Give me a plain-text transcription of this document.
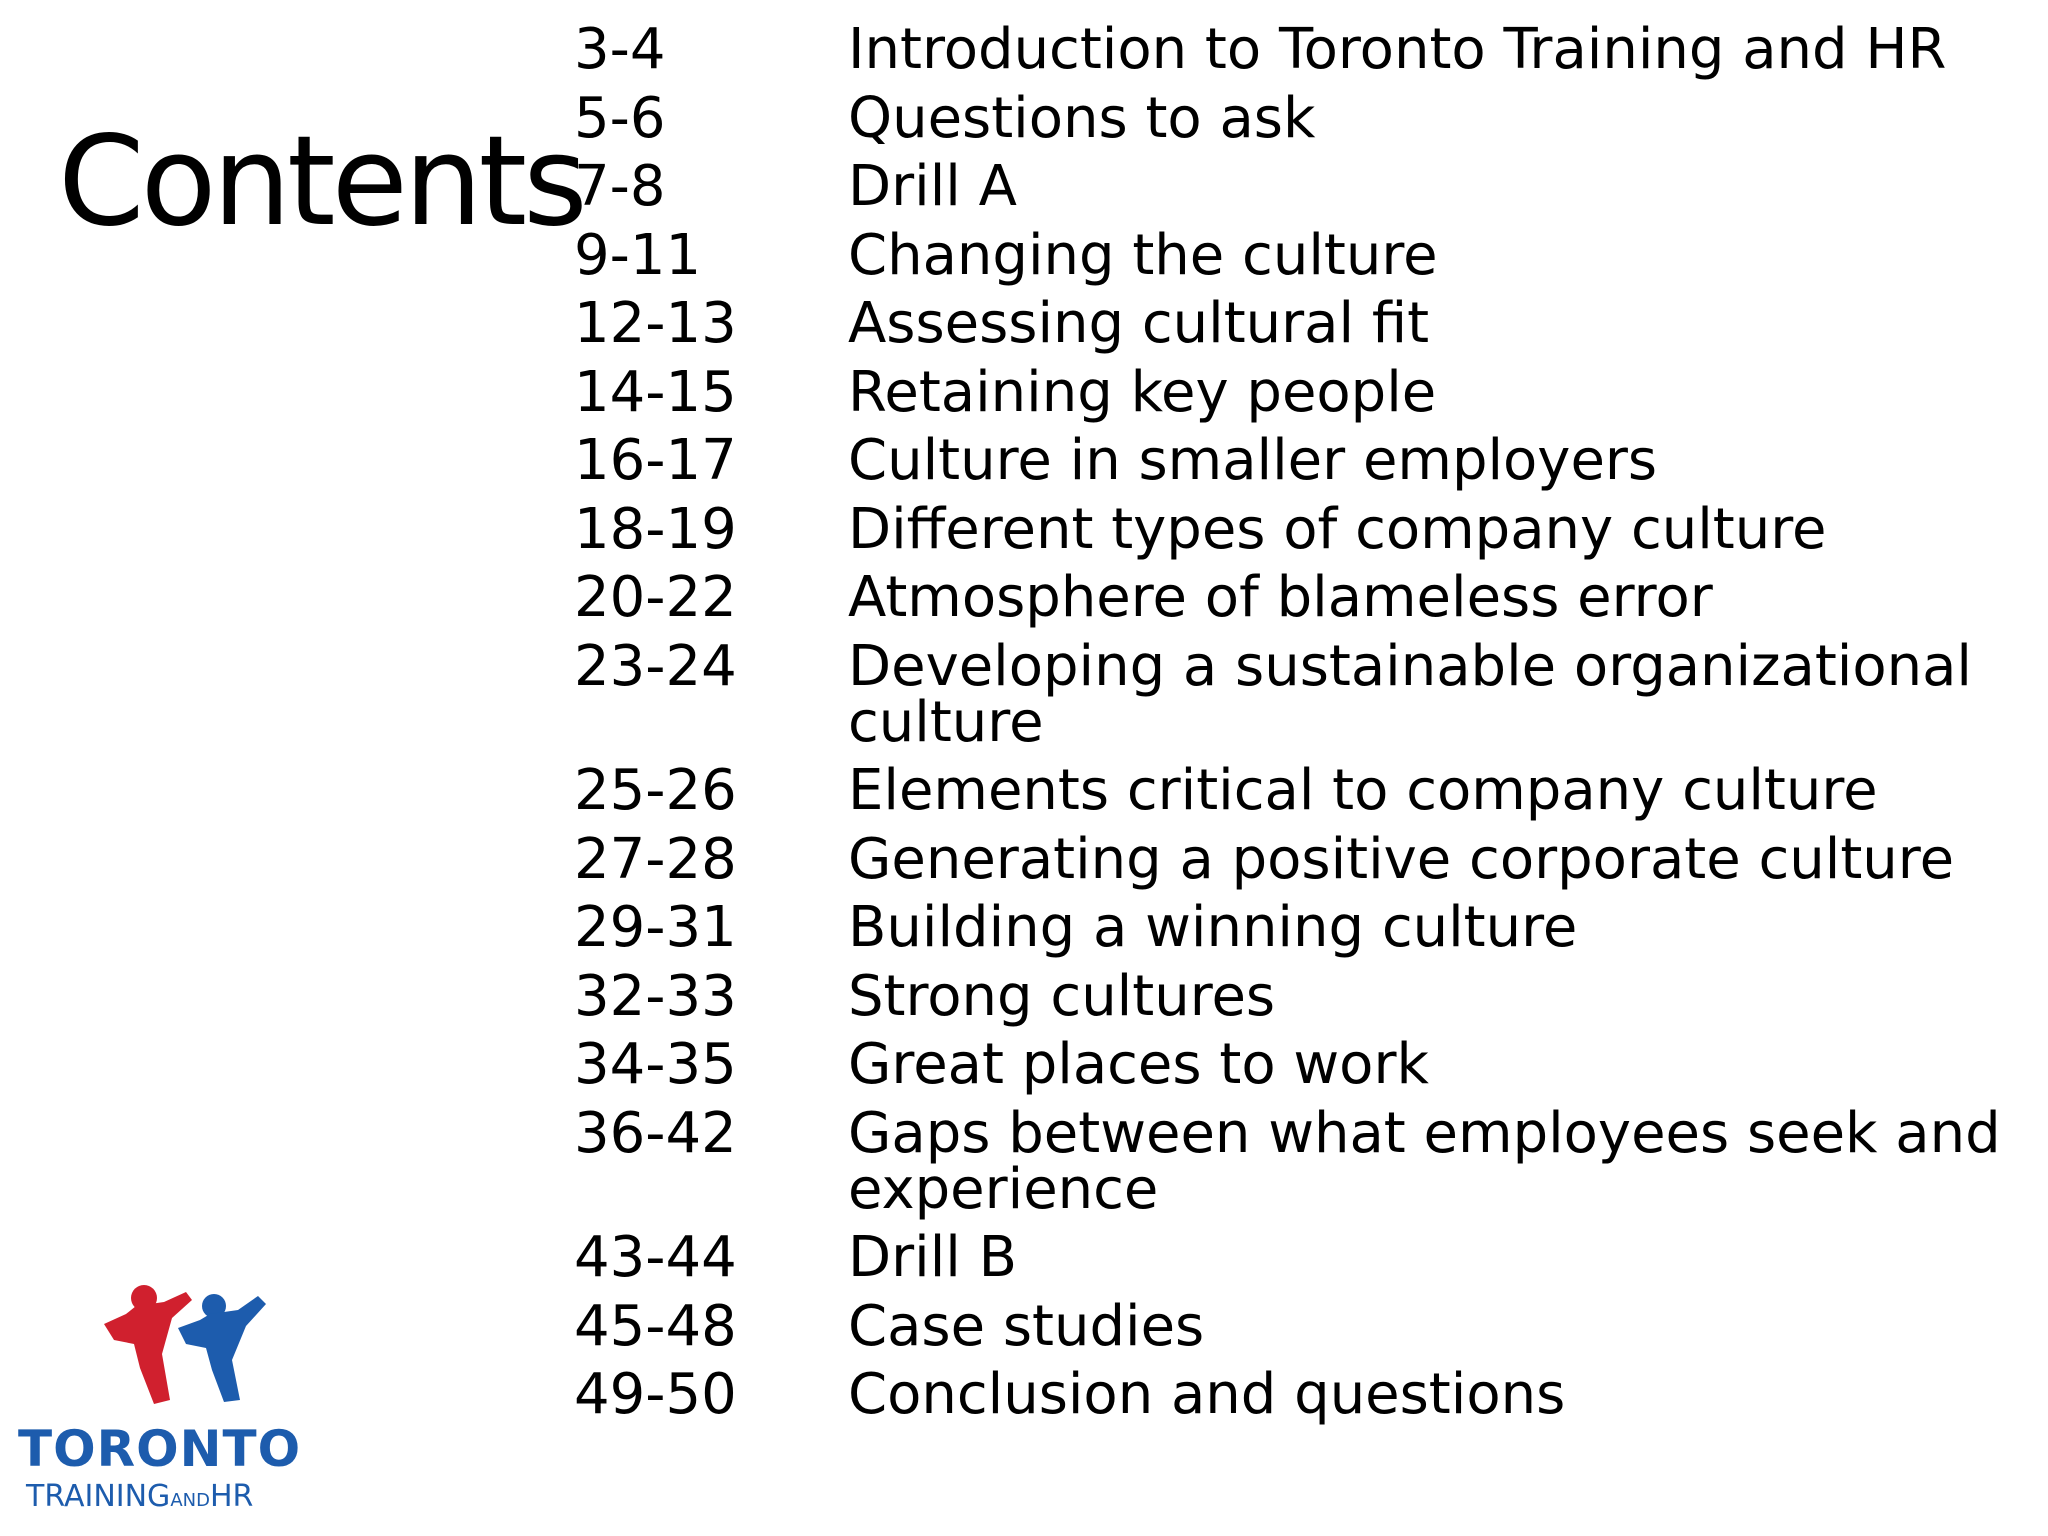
Contents
3-4	Introduction to Toronto Training and HR
5-6	Questions to ask
7-8	Drill A
9-11	Changing the culture
12-13	Assessing cultural fit
14-15	Retaining key people
16-17	Culture in smaller employers
18-19	Different types of company culture
20-22	Atmosphere of blameless error
23-24	Developing a sustainable organizational culture
25-26	Elements critical to company culture
27-28	Generating a positive corporate culture
29-31	Building a winning culture
32-33	Strong cultures
34-35	Great places to work
36-42	Gaps between what employees seek and experience
43-44	Drill B
45-48	Case studies
49-50	Conclusion and questions
TORONTO
TRAININGANDHR
